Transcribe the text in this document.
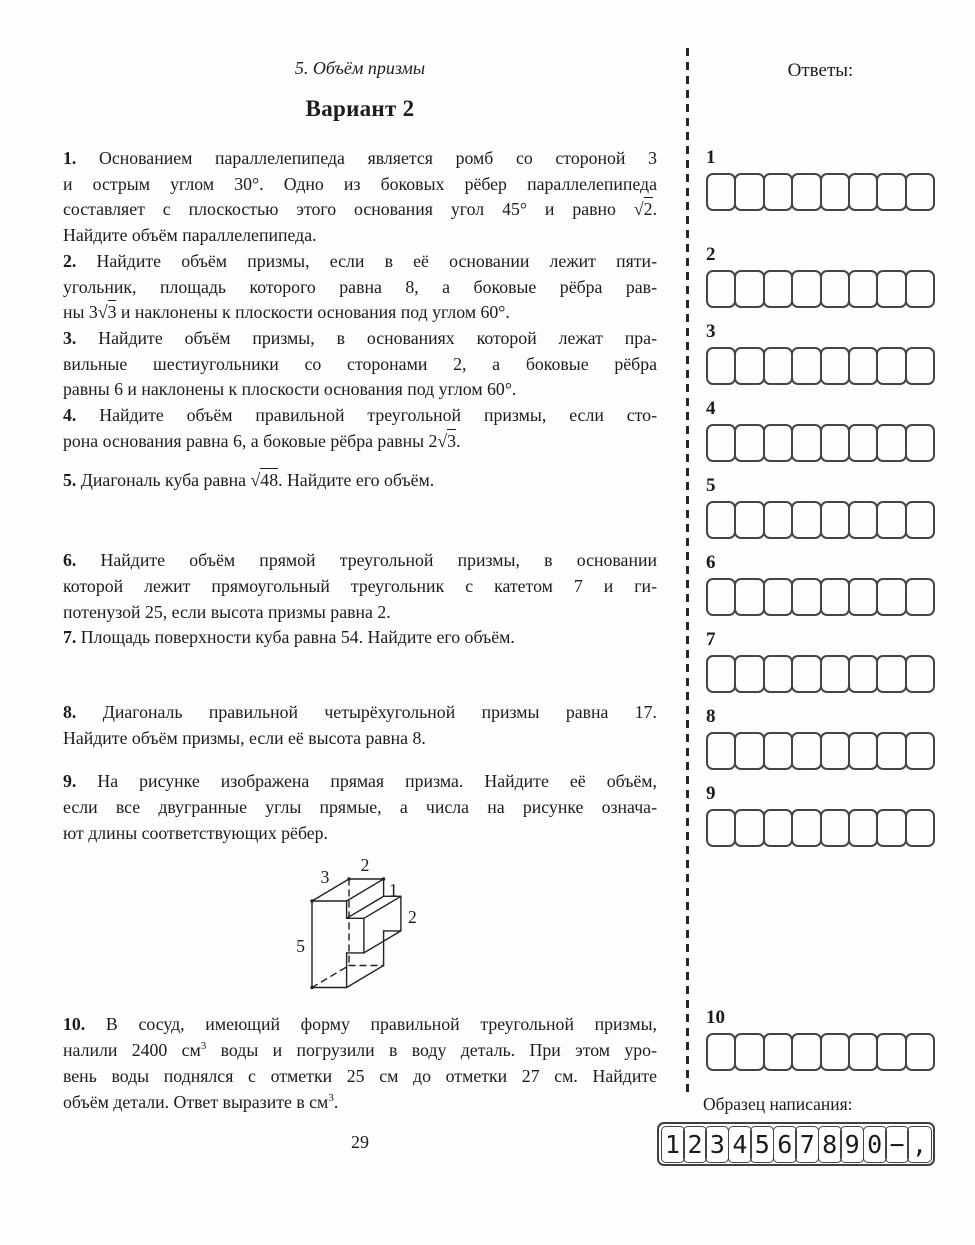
5. Объём призмы
Вариант 2
1. Основанием параллелепипеда является ромб со стороной 3
и острым углом 30°. Одно из боковых рёбер параллелепипеда
составляет с плоскостью этого основания угол 45° и равно √2.
Найдите объём параллелепипеда.
2. Найдите объём призмы, если в её основании лежит пяти-
угольник, площадь которого равна 8, а боковые рёбра рав-
ны 3√3 и наклонены к плоскости основания под углом 60°.
3. Найдите объём призмы, в основаниях которой лежат пра-
вильные шестиугольники со сторонами 2, а боковые рёбра
равны 6 и наклонены к плоскости основания под углом 60°.
4. Найдите объём правильной треугольной призмы, если сто-
рона основания равна 6, а боковые рёбра равны 2√3.
5. Диагональ куба равна √48. Найдите его объём.
6. Найдите объём прямой треугольной призмы, в основании
которой лежит прямоугольный треугольник с катетом 7 и ги-
потенузой 25, если высота призмы равна 2.
7. Площадь поверхности куба равна 54. Найдите его объём.
8. Диагональ правильной четырёхугольной призмы равна 17.
Найдите объём призмы, если её высота равна 8.
9. На рисунке изображена прямая призма. Найдите её объём,
если все двугранные углы прямые, а числа на рисунке означа-
ют длины соответствующих рёбер.
2
3
1
2
5
10. В сосуд, имеющий форму правильной треугольной призмы,
налили 2400 $см^3$ воды и погрузили в воду деталь. При этом уро-
вень воды поднялся с отметки 25 см до отметки 27 см. Найдите
объём детали. Ответ выразите в $см^3$.
Ответы:
1
2
3
4
5
6
7
8
9
10
Образец написания:
1 2 3 4 5 6 7 8 9 0 − ,
29
